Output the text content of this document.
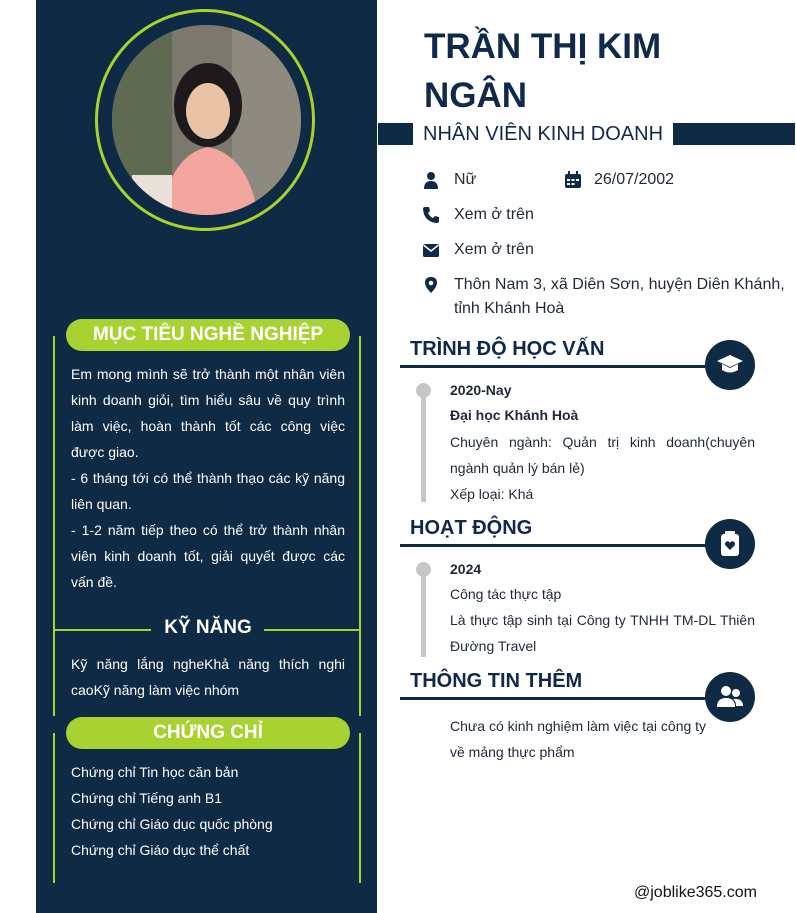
MỤC TIÊU NGHỀ NGHIỆP
Em mong mình sẽ trở thành một nhân viên kinh doanh giỏi, tìm hiểu sâu về quy trình làm việc, hoàn thành tốt các công việc được giao.
- 6 tháng tới có thể thành thạo các kỹ năng liên quan.
- 1-2 năm tiếp theo có thể trở thành nhân viên kinh doanh tốt, giải quyết được các vấn đề.
KỸ NĂNG
Kỹ năng lắng ngheKhả năng thích nghi caoKỹ năng làm việc nhóm
CHỨNG CHỈ
Chứng chỉ Tin học căn bản
Chứng chỉ Tiếng anh B1
Chứng chỉ Giáo dục quốc phòng
Chứng chỉ Giáo dục thể chất
TRẦN THỊ KIM
NGÂN
NHÂN VIÊN KINH DOANH
Nữ	26/07/2002
Xem ở trên
Xem ở trên
Thôn Nam 3, xã Diên Sơn, huyện Diên Khánh,
tỉnh Khánh Hoà
TRÌNH ĐỘ HỌC VẤN
2020-Nay
Đại học Khánh Hoà
Chuyên ngành: Quản trị kinh doanh(chuyên ngành quản lý bán lẻ)
Xếp loại: Khá
HOẠT ĐỘNG
2024
Công tác thực tập
Là thực tập sinh tại Công ty TNHH TM-DL Thiên Đường Travel
THÔNG TIN THÊM
Chưa có kinh nghiệm làm việc tại công ty
về mảng thực phẩm
@joblike365.com
